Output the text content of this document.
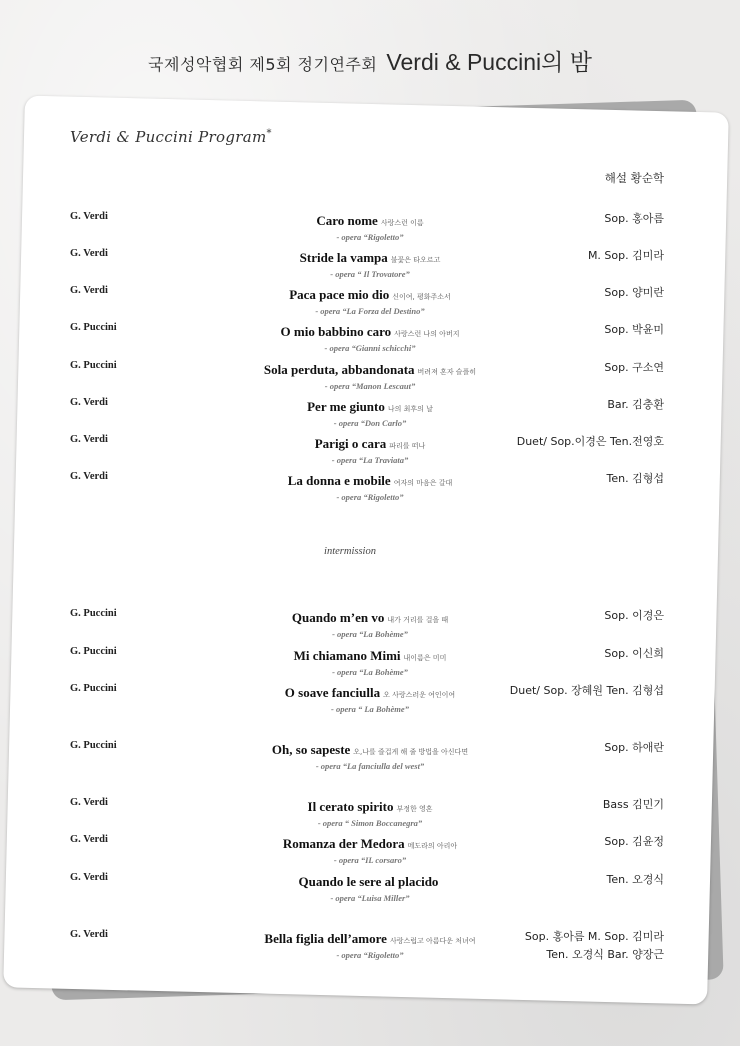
국제성악협회 제5회 정기연주회 Verdi & Puccini의 밤
Verdi & Puccini Program*
해설 황순학
G. Verdi	Caro nome 사랑스런 이름
- opera “Rigoletto”
Sop. 홍아름
G. Verdi	Stride la vampa 불꽃은 타오르고
- opera “ Il Trovatore”
M. Sop. 김미라
G. Verdi	Paca pace mio dio 신이여, 평화주소서
- opera “La Forza del Destino”
Sop. 양미란
G. Puccini	O mio babbino caro 사랑스런 나의 아버지
- opera “Gianni schicchi”
Sop. 박윤미
G. Puccini	Sola perduta, abbandonata 버려져 혼자 슬플히
- opera “Manon Lescaut”
Sop. 구소연
G. Verdi	Per me giunto 나의 최후의 날
- opera “Don Carlo”
Bar. 김충환
G. Verdi	Parigi o cara 파리를 떠나
- opera “La Traviata”
Duet/ Sop.이경은 Ten.전영호
G. Verdi	La donna e mobile 여자의 마음은 갈대
- opera “Rigoletto”
Ten. 김형섭
intermission
G. Puccini	Quando m’en vo 내가 거리를 걸을 때
- opera “La Bohème”
Sop. 이경은
G. Puccini	Mi chiamano Mimi 내이름은 미미
- opera “La Bohème”
Sop. 이신희
G. Puccini	O soave fanciulla 오 사랑스러운 여인이여
- opera “ La Bohème”
Duet/ Sop. 장혜원 Ten. 김형섭
G. Puccini	Oh, so sapeste 오,나를 즐겁게 해 줄 방법을 아신다면
- opera “La fanciulla del west”
Sop. 하애란
G. Verdi	Il cerato spirito 부정한 영혼
- opera “ Simon Boccanegra”
Bass 김민기
G. Verdi	Romanza der Medora 메도라의 아리아
- opera “IL corsaro”
Sop. 김윤정
G. Verdi	Quando le sere al placido
- opera “Luisa Miller”
Ten. 오경식
G. Verdi	Bella figlia dell’amore 사랑스럽고 아름다운 처녀여
- opera “Rigoletto”
Sop. 홍아름 M. Sop. 김미라
Ten. 오경식 Bar. 양장근
